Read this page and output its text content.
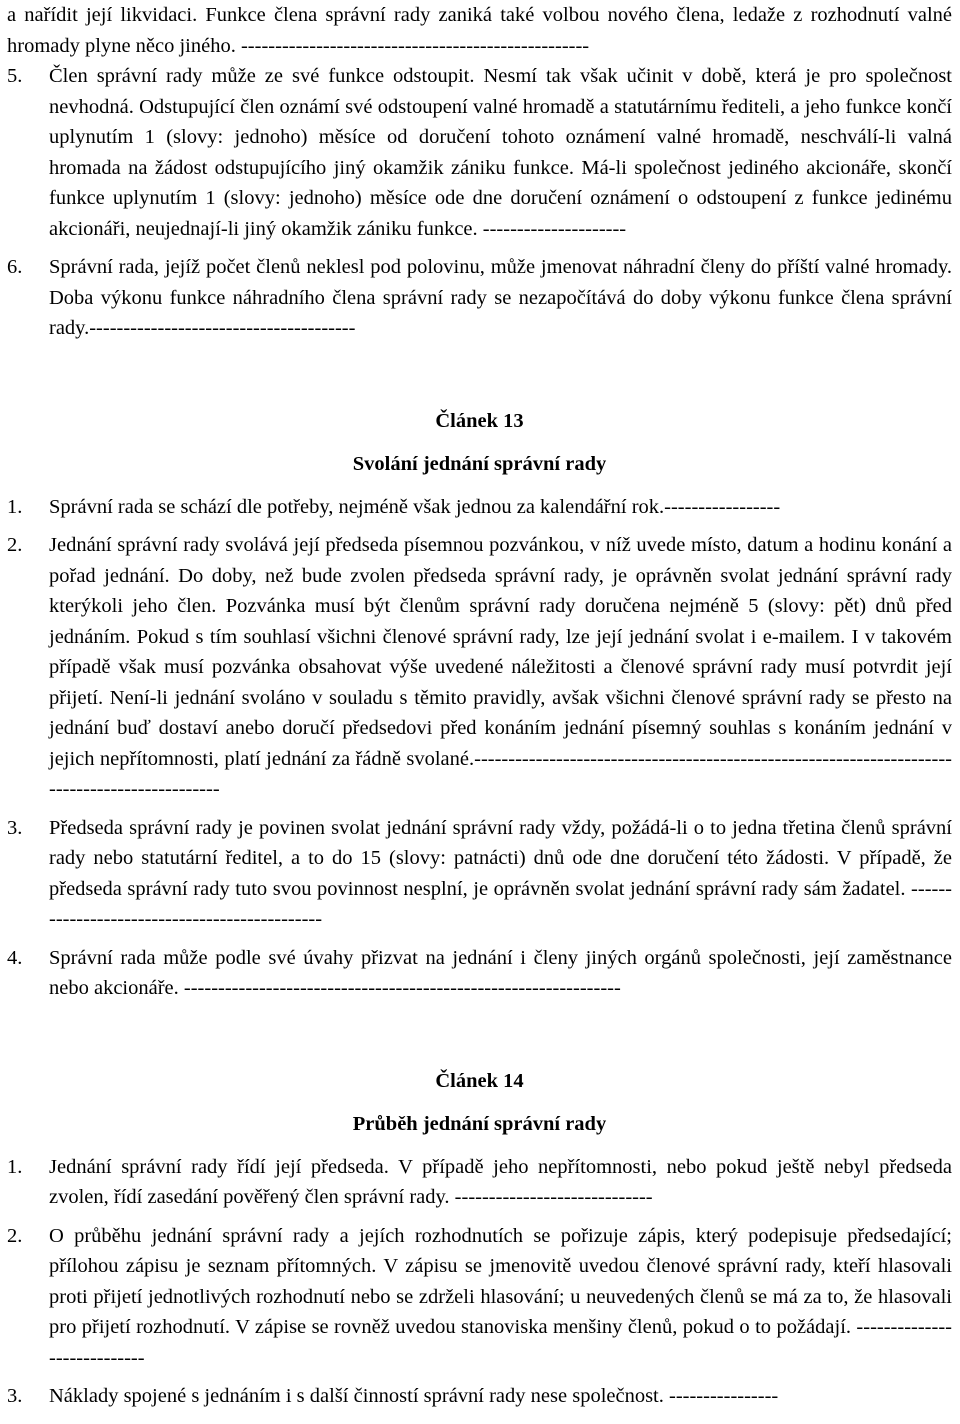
a nařídit její likvidaci. Funkce člena správní rady zaniká také volbou nového člena, ledaže z rozhodnutí valné hromady plyne něco jiného. ---------------------------------------------------
5.	Člen správní rady může ze své funkce odstoupit. Nesmí tak však učinit v době, která je pro společnost nevhodná. Odstupující člen oznámí své odstoupení valné hromadě a statutárnímu řediteli, a jeho funkce končí uplynutím 1 (slovy: jednoho) měsíce od doručení tohoto oznámení valné hromadě, neschválí-li valná hromada na žádost odstupujícího jiný okamžik zániku funkce. Má-li společnost jediného akcionáře, skončí funkce uplynutím 1 (slovy: jednoho) měsíce ode dne doručení oznámení o odstoupení z funkce jedinému akcionáři, neujednají-li jiný okamžik zániku funkce. ---------------------
6.	Správní rada, jejíž počet členů neklesl pod polovinu, může jmenovat náhradní členy do příští valné hromady. Doba výkonu funkce náhradního člena správní rady se nezapočítává do doby výkonu funkce člena správní rady.---------------------------------------
Článek 13
Svolání jednání správní rady
1.	Správní rada se schází dle potřeby, nejméně však jednou za kalendářní rok.-----------------
2.	Jednání správní rady svolává její předseda písemnou pozvánkou, v níž uvede místo, datum a hodinu konání a pořad jednání. Do doby, než bude zvolen předseda správní rady, je oprávněn svolat jednání správní rady kterýkoli jeho člen. Pozvánka musí být členům správní rady doručena nejméně 5 (slovy: pět) dnů před jednáním. Pokud s tím souhlasí všichni členové správní rady, lze její jednání svolat i e-mailem. I v takovém případě však musí pozvánka obsahovat výše uvedené náležitosti a členové správní rady musí potvrdit její přijetí. Není-li jednání svoláno v souladu s těmito pravidly, avšak všichni členové správní rady se přesto na jednání buď dostaví anebo doručí předsedovi před konáním jednání písemný souhlas s konáním jednání v jejich nepřítomnosti, platí jednání za řádně svolané.-----------------------------------------------------------------------------------------------
3.	Předseda správní rady je povinen svolat jednání správní rady vždy, požádá-li o to jedna třetina členů správní rady nebo statutární ředitel, a to do 15 (slovy: patnácti) dnů ode dne doručení této žádosti. V případě, že předseda správní rady tuto svou povinnost nesplní, je oprávněn svolat jednání správní rady sám žadatel. ----------------------------------------------
4.	Správní rada může podle své úvahy přizvat na jednání i členy jiných orgánů společnosti, její zaměstnance nebo akcionáře. ----------------------------------------------------------------
Článek 14
Průběh jednání správní rady
1.	Jednání správní rady řídí její předseda. V případě jeho nepřítomnosti, nebo pokud ještě nebyl předseda zvolen, řídí zasedání pověřený člen správní rady. -----------------------------
2.	O průběhu jednání správní rady a jejích rozhodnutích se pořizuje zápis, který podepisuje předsedající; přílohou zápisu je seznam přítomných. V zápisu se jmenovitě uvedou členové správní rady, kteří hlasovali proti přijetí jednotlivých rozhodnutí nebo se zdrželi hlasování; u neuvedených členů se má za to, že hlasovali pro přijetí rozhodnutí. V zápise se rovněž uvedou stanoviska menšiny členů, pokud o to požádají. ----------------------------
3.	Náklady spojené s jednáním i s další činností správní rady nese společnost. ----------------
